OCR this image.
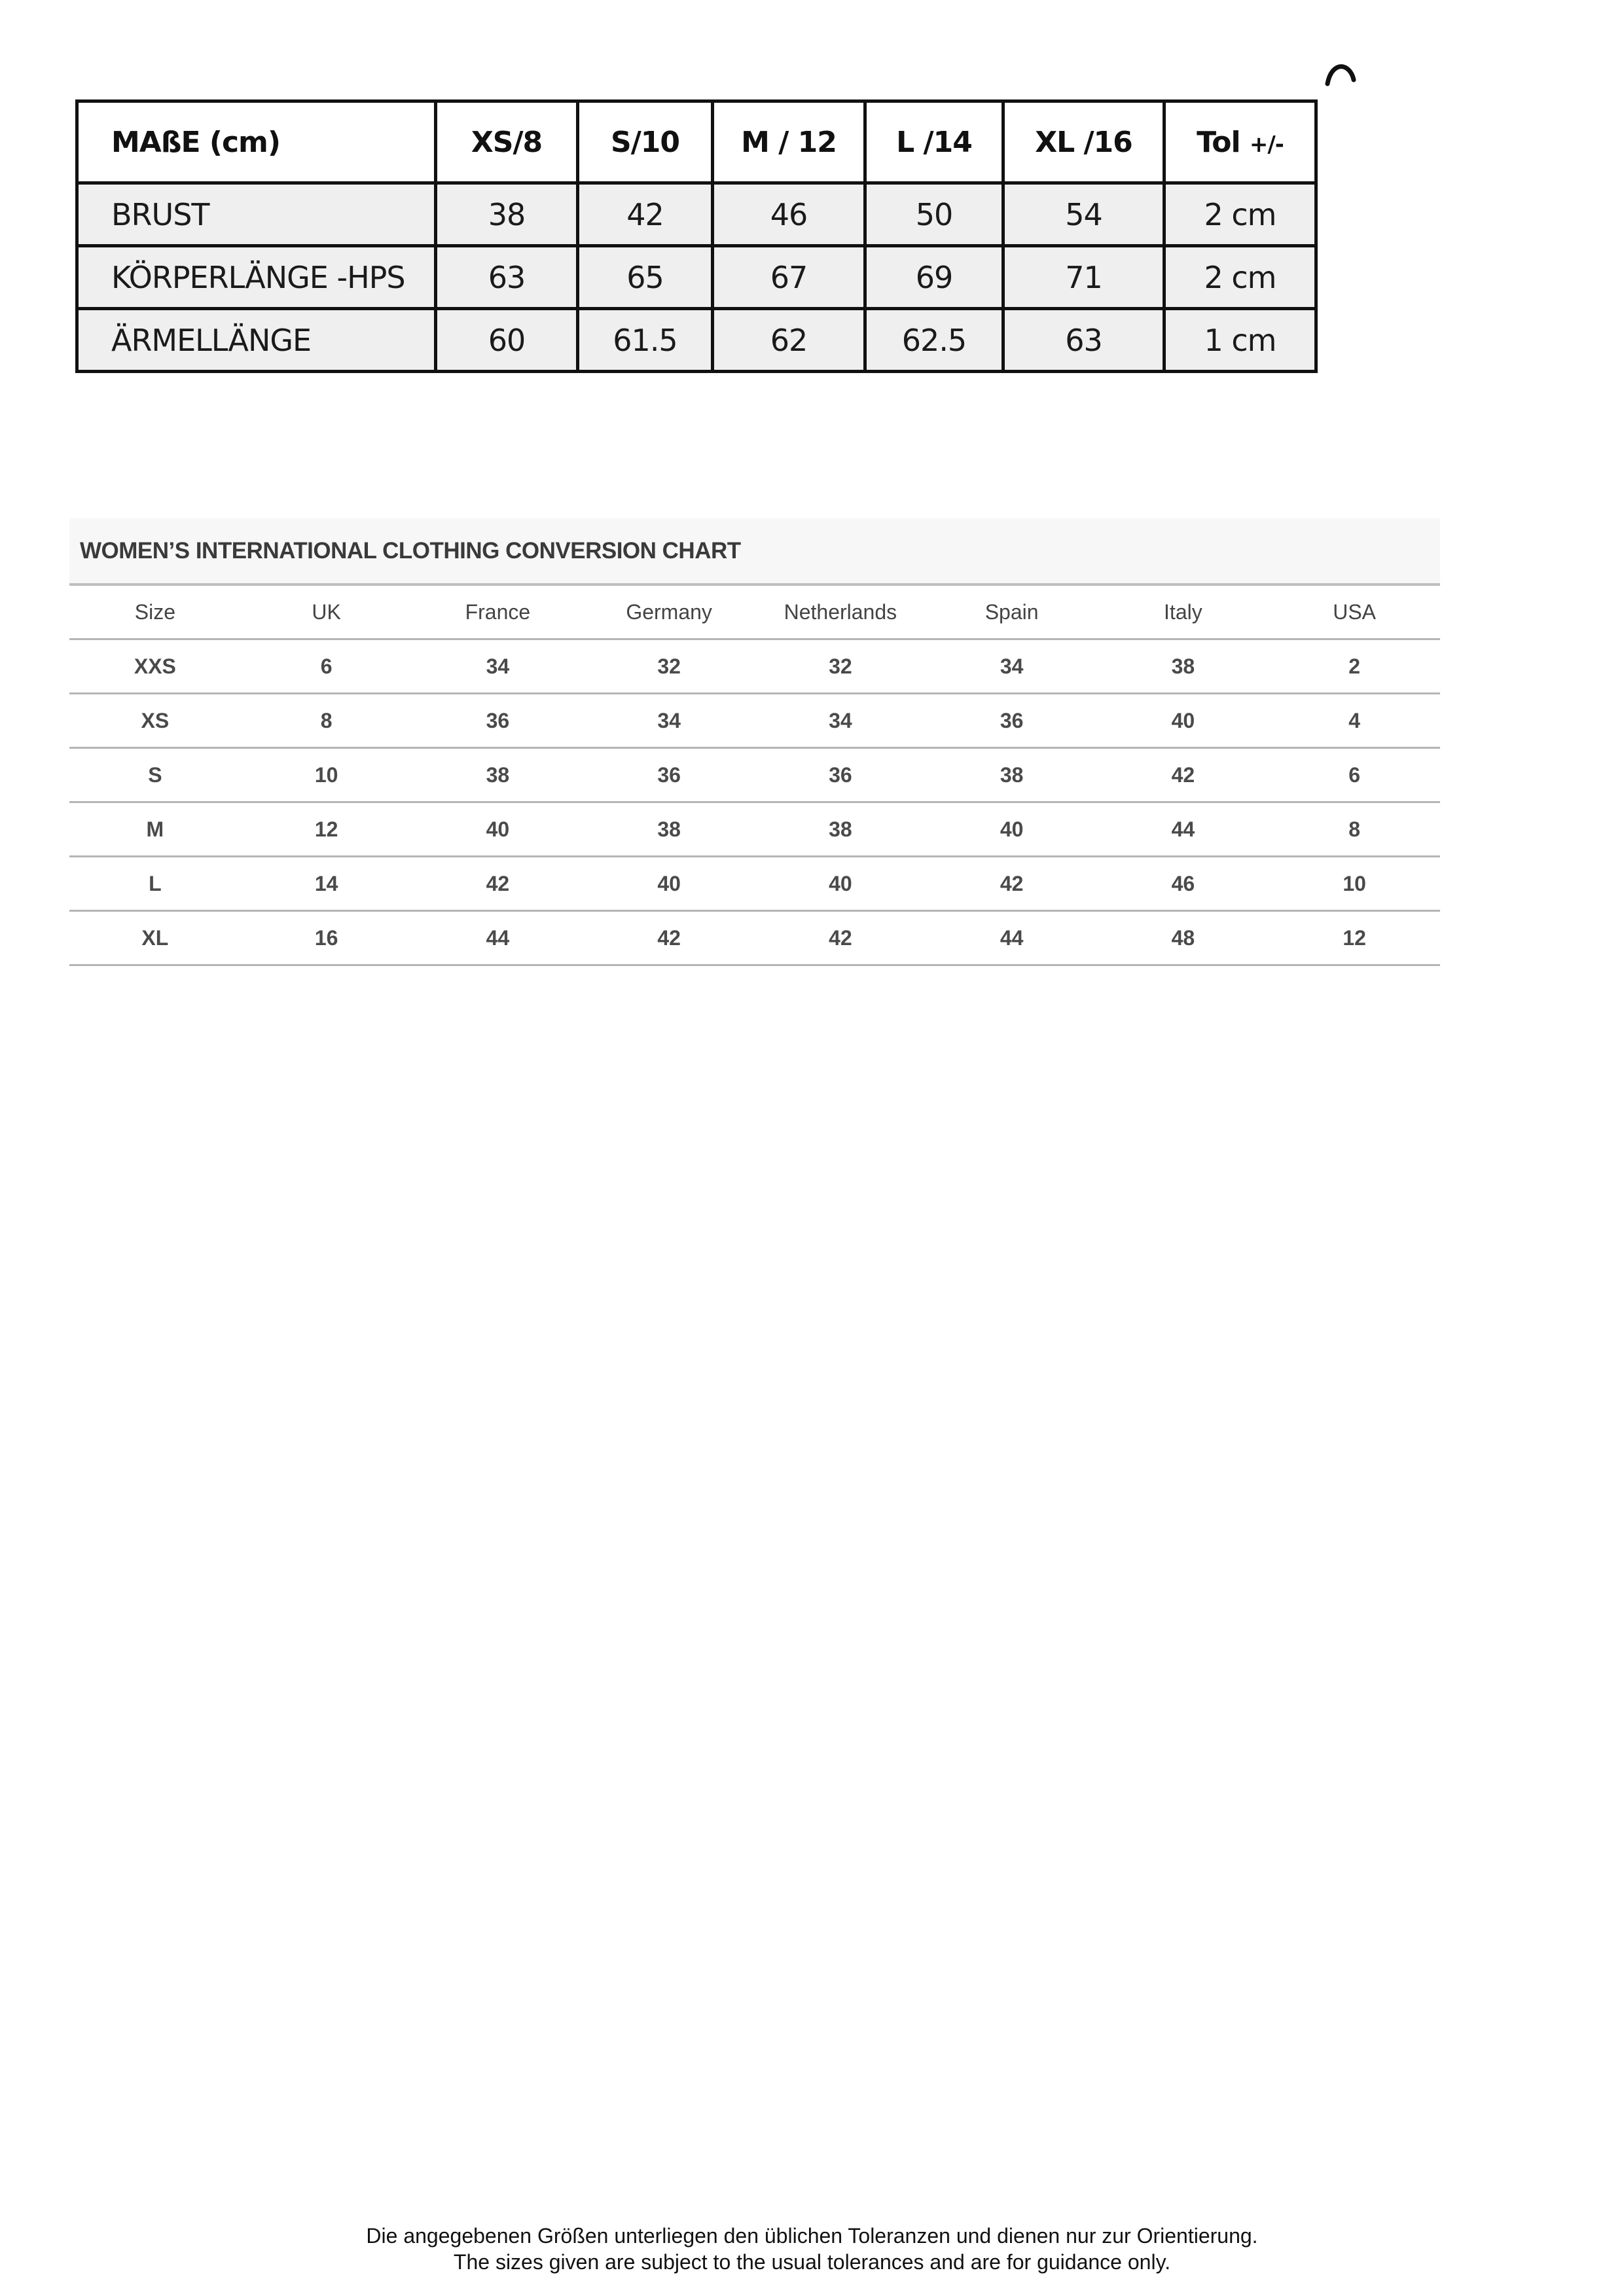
MAßE (cm)	XS/8	S/10	M / 12	L /14	XL /16	Tol +/-
BRUST	38	42	46	50	54	2 cm
KÖRPERLÄNGE -HPS	63	65	67	69	71	2 cm
ÄRMELLÄNGE	60	61.5	62	62.5	63	1 cm
WOMEN’S INTERNATIONAL CLOTHING CONVERSION CHART
Size	UK	France	Germany	Netherlands	Spain	Italy	USA
XXS	6	34	32	32	34	38	2
XS	8	36	34	34	36	40	4
S	10	38	36	36	38	42	6
M	12	40	38	38	40	44	8
L	14	42	40	40	42	46	10
XL	16	44	42	42	44	48	12
Die angegebenen Größen unterliegen den üblichen Toleranzen und dienen nur zur Orientierung.
The sizes given are subject to the usual tolerances and are for guidance only.
